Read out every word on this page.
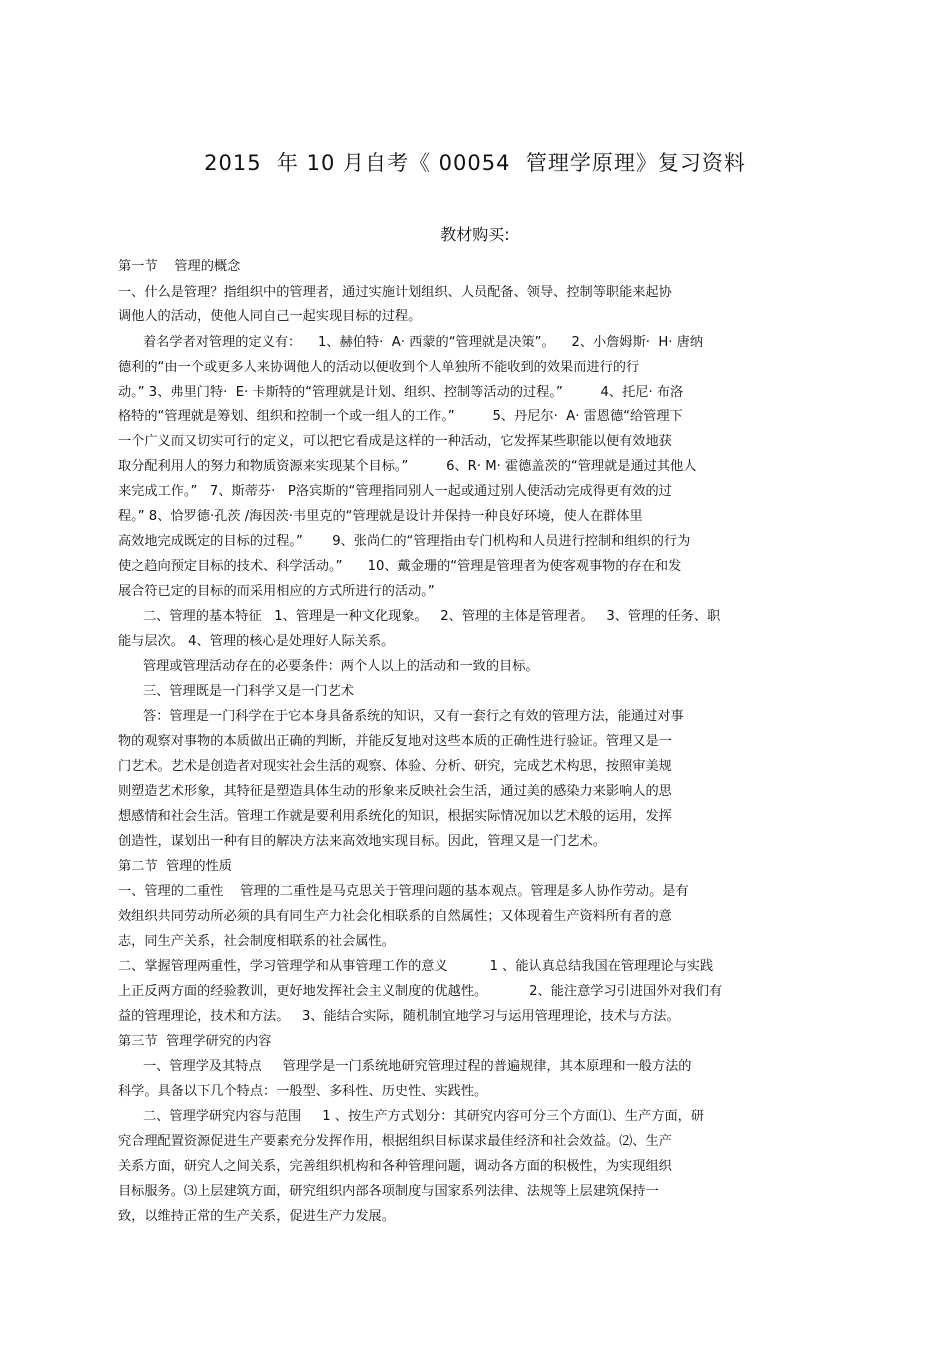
2015  年 10 月自考《 00054  管理学原理》复习资料
教材购买:
第一节    管理的概念
一、什么是管理？指组织中的管理者，通过实施计划组织、人员配备、领导、控制等职能来起协
调他人的活动，使他人同自己一起实现目标的过程。
着名学者对管理的定义有：    1、赫伯特·  A· 西蒙的“管理就是决策”。    2、小詹姆斯·  H· 唐纳
德利的“由一个或更多人来协调他人的活动以便收到个人单独所不能收到的效果而进行的行
动。” 3、弗里门特·  E· 卡斯特的“管理就是计划、组织、控制等活动的过程。”         4、托尼· 布洛
格特的“管理就是筹划、组织和控制一个或一组人的工作。”         5、丹尼尔·  A· 雷恩德“给管理下
一个广义而又切实可行的定义，可以把它看成是这样的一种活动，它发挥某些职能以便有效地获
取分配利用人的努力和物质资源来实现某个目标。”         6、R· M· 霍德盖茨的“管理就是通过其他人
来完成工作。”   7、斯蒂芬·   P洛宾斯的“管理指同别人一起或通过别人使活动完成得更有效的过
程。” 8、恰罗德·孔茨 /海因茨·韦里克的“管理就是设计并保持一种良好环境，使人在群体里
高效地完成既定的目标的过程。”       9、张尚仁的“管理指由专门机构和人员进行控制和组织的行为
使之趋向预定目标的技术、科学活动。”      10、戴金珊的“管理是管理者为使客观事物的存在和发
展合符已定的目标的而采用相应的方式所进行的活动。”
二、管理的基本特征   1、管理是一种文化现象。   2、管理的主体是管理者。   3、管理的任务、职
能与层次。 4、管理的核心是处理好人际关系。
管理或管理活动存在的必要条件：两个人以上的活动和一致的目标。
三、管理既是一门科学又是一门艺术
答：管理是一门科学在于它本身具备系统的知识，又有一套行之有效的管理方法，能通过对事
物的观察对事物的本质做出正确的判断，并能反复地对这些本质的正确性进行验证。管理又是一
门艺术。艺术是创造者对现实社会生活的观察、体验、分析、研究，完成艺术构思，按照审美规
则塑造艺术形象，其特征是塑造具体生动的形象来反映社会生活，通过美的感染力来影响人的思
想感情和社会生活。管理工作就是要利用系统化的知识，根据实际情况加以艺术般的运用，发挥
创造性，谋划出一种有目的解决方法来高效地实现目标。因此，管理又是一门艺术。
第二节  管理的性质
一、管理的二重性    管理的二重性是马克思关于管理问题的基本观点。管理是多人协作劳动。是有
效组织共同劳动所必须的具有同生产力社会化相联系的自然属性；又体现着生产资料所有者的意
志，同生产关系，社会制度相联系的社会属性。
二、掌握管理两重性，学习管理学和从事管理工作的意义          1 、能认真总结我国在管理理论与实践
上正反两方面的经验教训，更好地发挥社会主义制度的优越性。          2、能注意学习引进国外对我们有
益的管理理论，技术和方法。   3、能结合实际，随机制宜地学习与运用管理理论，技术与方法。
第三节  管理学研究的内容
一、管理学及其特点     管理学是一门系统地研究管理过程的普遍规律，其本原理和一般方法的
科学。具备以下几个特点：一般型、多科性、历史性、实践性。
二、管理学研究内容与范围     1 、按生产方式划分：其研究内容可分三个方面⑴、生产方面，研
究合理配置资源促进生产要素充分发挥作用，根据组织目标谋求最佳经济和社会效益。⑵、生产
关系方面，研究人之间关系，完善组织机构和各种管理问题，调动各方面的积极性，为实现组织
目标服务。⑶上层建筑方面，研究组织内部各项制度与国家系列法律、法规等上层建筑保持一
致，以维持正常的生产关系，促进生产力发展。
